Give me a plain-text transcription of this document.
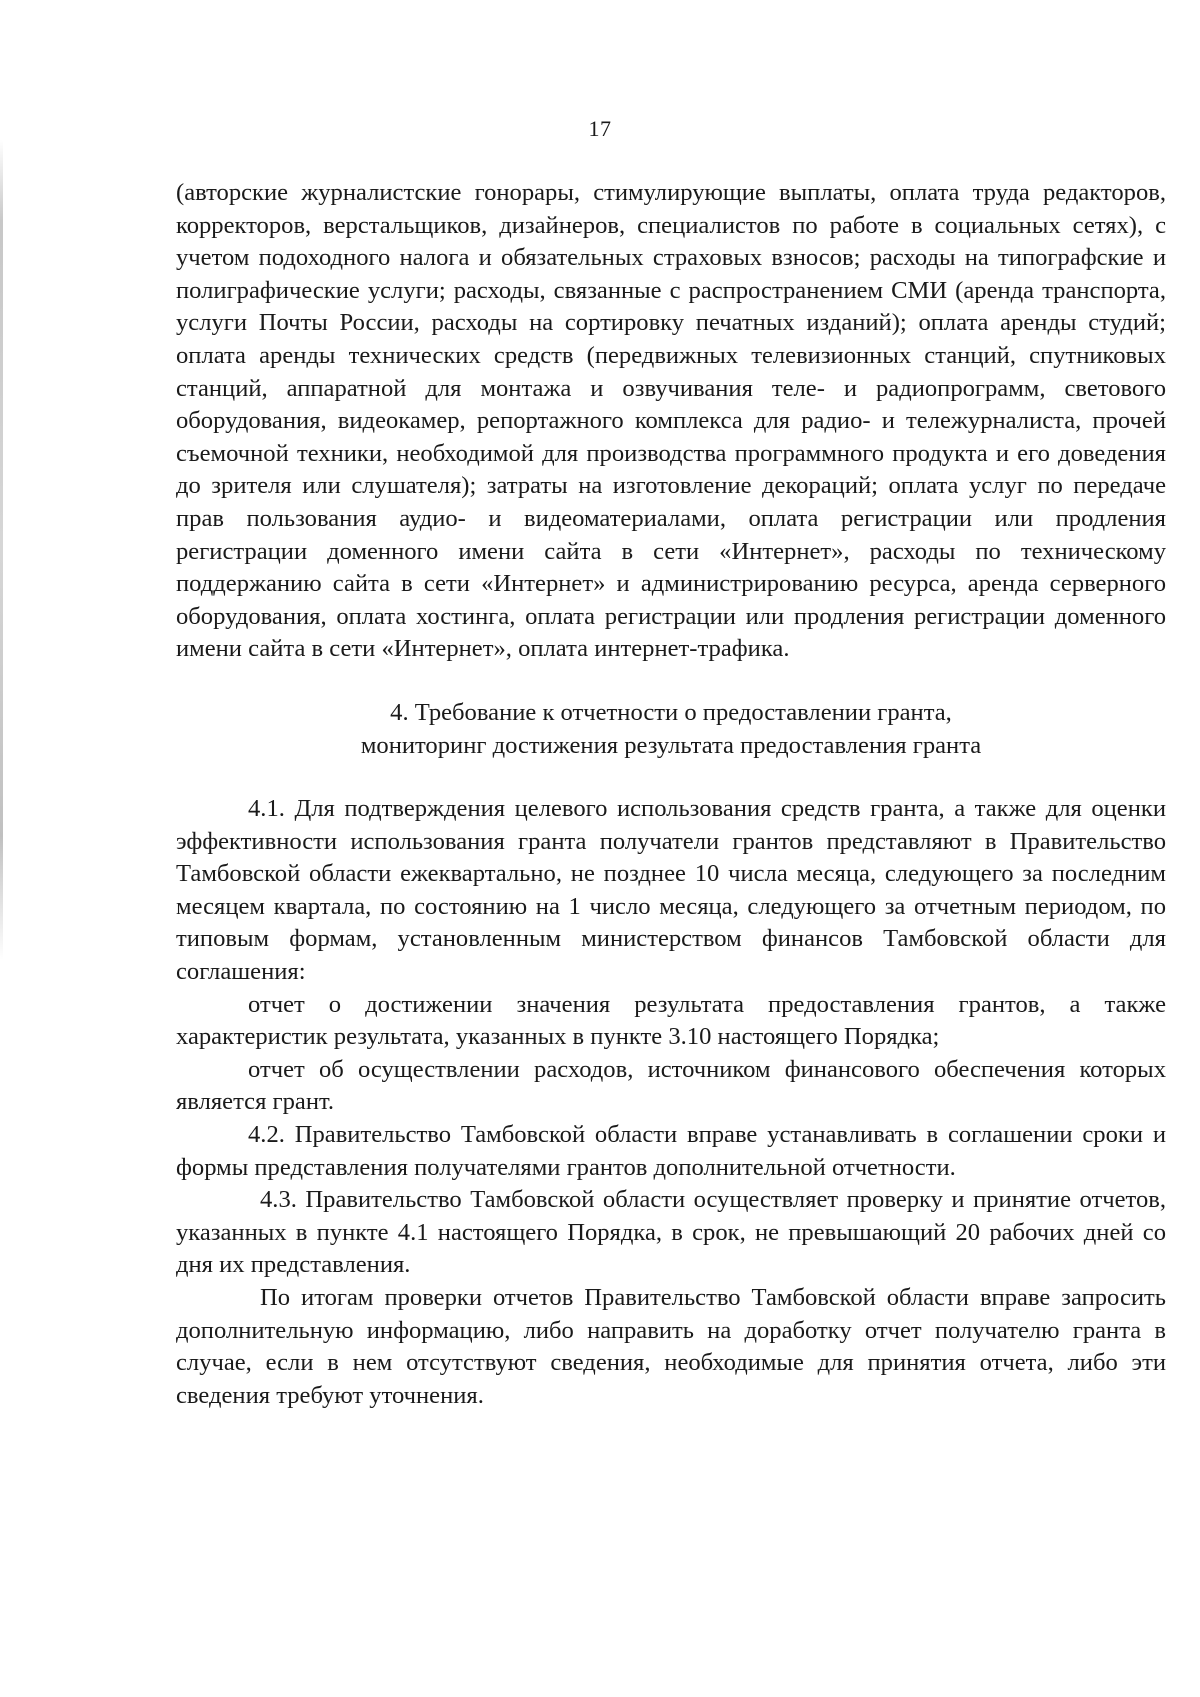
17

(авторские журналистские гонорары, стимулирующие выплаты, оплата труда редакторов, корректоров, верстальщиков, дизайнеров, специалистов по работе в социальных сетях), с учетом подоходного налога и обязательных страховых взносов; расходы на типографские и полиграфические услуги; расходы, связанные с распространением СМИ (аренда транспорта, услуги Почты России, расходы на сортировку печатных изданий); оплата аренды студий; оплата аренды технических средств (передвижных телевизионных станций, спутниковых станций, аппаратной для монтажа и озвучивания теле- и радиопрограмм, светового оборудования, видеокамер, репортажного комплекса для радио- и тележурналиста, прочей съемочной техники, необходимой для производства программного продукта и его доведения до зрителя или слушателя); затраты на изготовление декораций; оплата услуг по передаче прав пользования аудио- и видеоматериалами, оплата регистрации или продления регистрации доменного имени сайта в сети «Интернет», расходы по техническому поддержанию сайта в сети «Интернет» и администрированию ресурса, аренда серверного оборудования, оплата хостинга, оплата регистрации или продления регистрации доменного имени сайта в сети «Интернет», оплата интернет-трафика.

4. Требование к отчетности о предоставлении гранта,

мониторинг достижения результата предоставления гранта

4.1. Для подтверждения целевого использования средств гранта, а также для оценки эффективности использования гранта получатели грантов представляют в Правительство Тамбовской области ежеквартально, не позднее 10 числа месяца, следующего за последним месяцем квартала, по состоянию на 1 число месяца, следующего за отчетным периодом, по типовым формам, установленным министерством финансов Тамбовской области для соглашения:

отчет о достижении значения результата предоставления грантов, а также характеристик результата, указанных в пункте 3.10 настоящего Порядка;

отчет об осуществлении расходов, источником финансового обеспечения которых является грант.

4.2. Правительство Тамбовской области вправе устанавливать в соглашении сроки и формы представления получателями грантов дополнительной отчетности.

4.3. Правительство Тамбовской области осуществляет проверку и принятие отчетов, указанных в пункте 4.1 настоящего Порядка, в срок, не превышающий 20 рабочих дней со дня их представления.

По итогам проверки отчетов Правительство Тамбовской области вправе запросить дополнительную информацию, либо направить на доработку отчет получателю гранта в случае, если в нем отсутствуют сведения, необходимые для принятия отчета, либо эти сведения требуют уточнения.
